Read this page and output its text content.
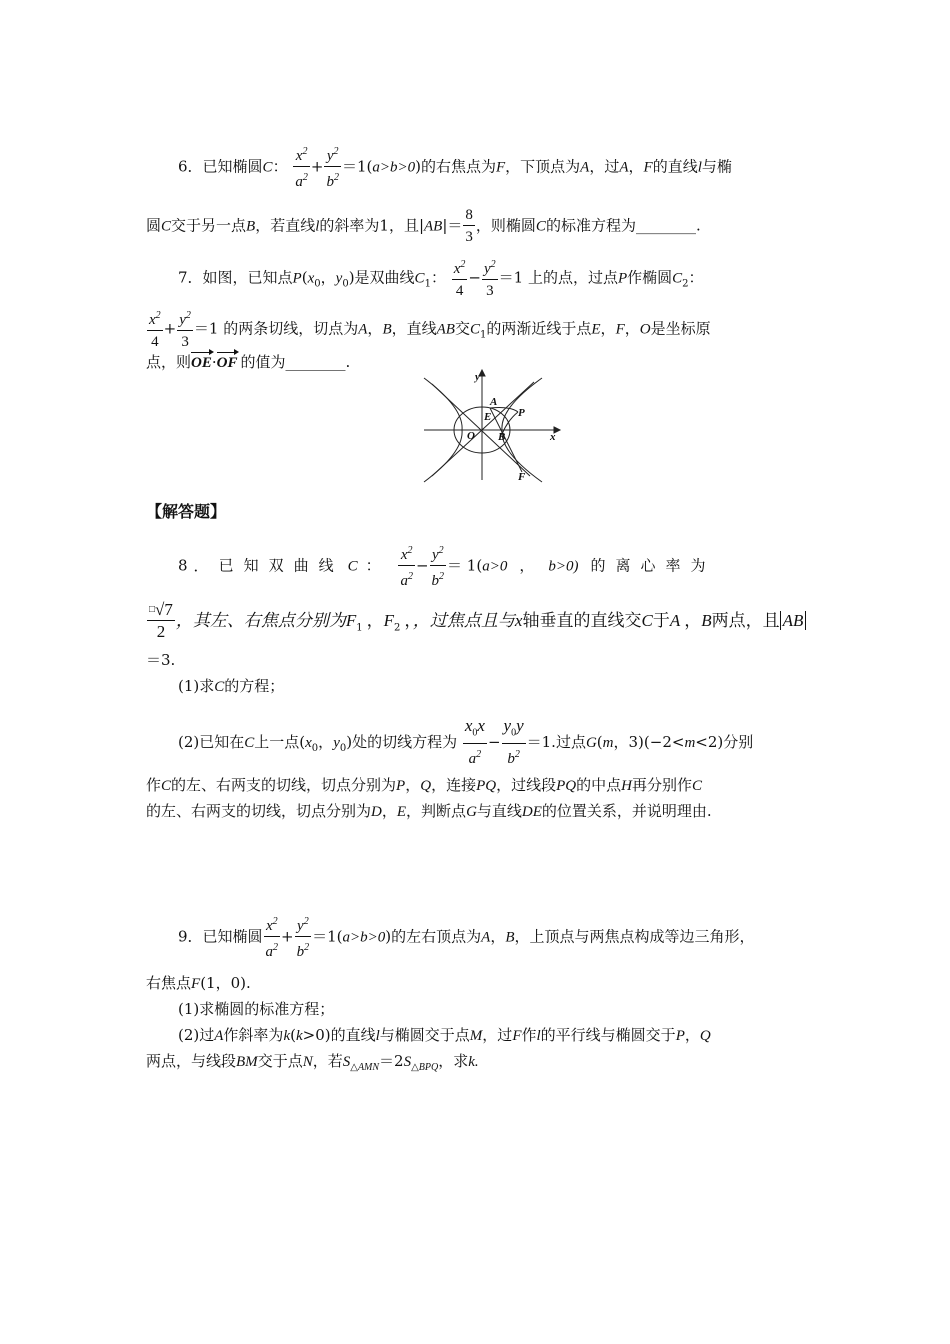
6．已知椭圆C： $\frac{x^2}{a^2} + \frac{y^2}{b^2} =1(a>b>0)$的右焦点为F，下顶点为A，过A，F的直线l与椭
圆C交于另一点B，若直线l的斜率为1，且$|AB|= \frac{8}{3}$ ，则椭圆C的标准方程为________.
7．如图，已知点$P(x_0$，$y_0$)是双曲线$C_1$： $\frac{x^2}{4} - \frac{y^2}{3} =1$ 上的点，过点P作椭圆$C_2$：
$\frac{x^2}{4} + \frac{y^2}{3} =1$ 的两条切线，切点为A，B，直线AB交$C_1$的两渐近线于点E，F，O是坐标原
点，则OE·OF 的值为________.
y
x
A
E P
O B
F
【解答题】
8 ． 已 知 双 曲 线 C ： $\frac{x^2}{a^2} - \frac{y^2}{b^2} = 1(a>0$ ， b>0) 的 离 心 率 为
$\frac{^□√7}{2}$ ，其左、右焦点分别为$F_1$ ，$F_2$ ，，过焦点且与x轴垂直的直线交C于A ，B两点，且 AB
＝3.
(1)求C的方程；
(2)已知在C上一点($x_0$，$y_0$)处的切线方程为 $\frac{x_0x}{a^2} - \frac{y_0y}{b^2} =1$.过点G(m，3)(−2<m<2)分别
作C的左、右两支的切线，切点分别为P，Q，连接PQ，过线段PQ的中点H再分别作C
的左、右两支的切线，切点分别为D，E，判断点G与直线DE的位置关系，并说明理由.
9．已知椭圆 $\frac{x^2}{a^2} + \frac{y^2}{b^2} =1(a>b>0)$的左右顶点为A，B，上顶点与两焦点构成等边三角形，
右焦点F(1，0).
(1)求椭圆的标准方程；
(2)过A作斜率为k(k>0)的直线l与椭圆交于点M，过F作l的平行线与椭圆交于P，Q
两点，与线段BM交于点N，若$S_{\triangle AMN}=2S_{\triangle BPQ}$，求k.
